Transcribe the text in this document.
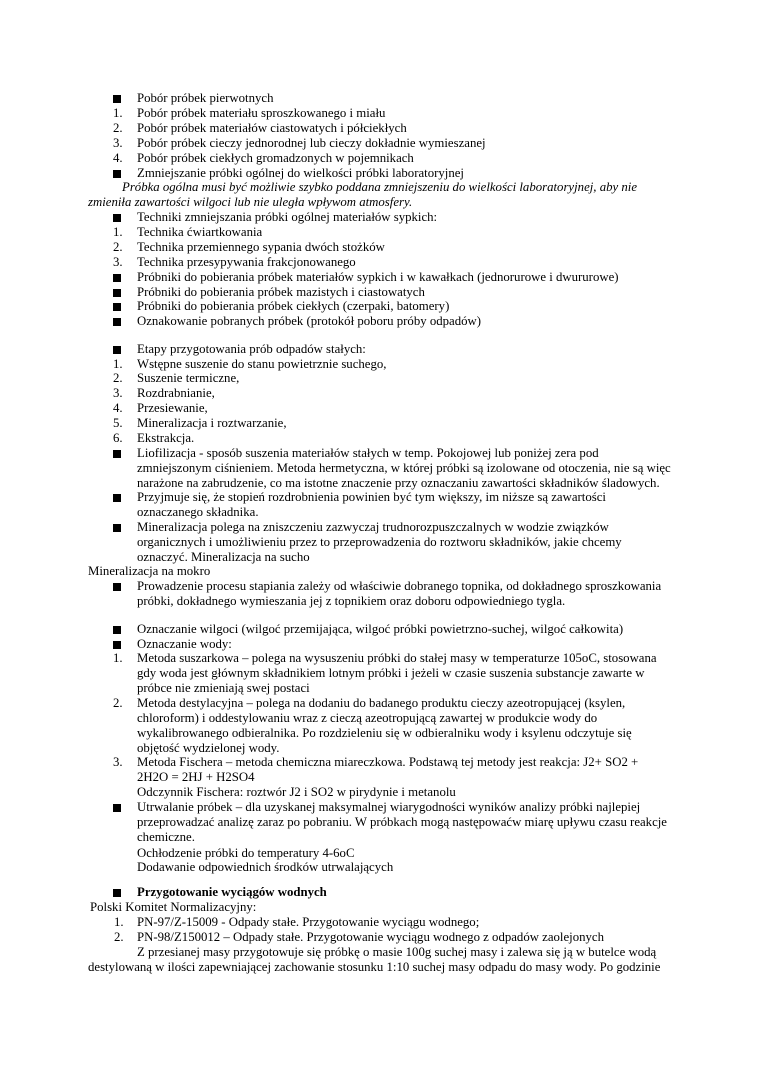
Pobór próbek pierwotnych
1. Pobór próbek materiału sproszkowanego i miału
2. Pobór próbek materiałów ciastowatych i półciekłych
3. Pobór próbek cieczy jednorodnej lub cieczy dokładnie wymieszanej
4. Pobór próbek ciekłych gromadzonych w pojemnikach
Zmniejszanie próbki ogólnej do wielkości próbki laboratoryjnej
Próbka ogólna musi być możliwie szybko poddana zmniejszeniu do wielkości laboratoryjnej, aby nie
zmieniła zawartości wilgoci lub nie uległa wpływom atmosfery.
Techniki zmniejszania próbki ogólnej materiałów sypkich:
1. Technika ćwiartkowania
2. Technika przemiennego sypania dwóch stożków
3. Technika przesypywania frakcjonowanego
Próbniki do pobierania próbek materiałów sypkich i w kawałkach (jednorurowe i dwururowe)
Próbniki do pobierania próbek mazistych i ciastowatych
Próbniki do pobierania próbek ciekłych (czerpaki, batomery)
Oznakowanie pobranych próbek (protokół poboru próby odpadów)
Etapy przygotowania prób odpadów stałych:
1. Wstępne suszenie do stanu powietrznie suchego,
2. Suszenie termiczne,
3. Rozdrabnianie,
4. Przesiewanie,
5. Mineralizacja i roztwarzanie,
6. Ekstrakcja.
Liofilizacja - sposób suszenia materiałów stałych w temp. Pokojowej lub poniżej zera pod
zmniejszonym ciśnieniem. Metoda hermetyczna, w której próbki są izolowane od otoczenia, nie są więc
narażone na zabrudzenie, co ma istotne znaczenie przy oznaczaniu zawartości składników śladowych.
Przyjmuje się, że stopień rozdrobnienia powinien być tym większy, im niższe są zawartości
oznaczanego składnika.
Mineralizacja polega na zniszczeniu zazwyczaj trudnorozpuszczalnych w wodzie związków
organicznych i umożliwieniu przez to przeprowadzenia do roztworu składników, jakie chcemy
oznaczyć. Mineralizacja na sucho
Mineralizacja na mokro
Prowadzenie procesu stapiania zależy od właściwie dobranego topnika, od dokładnego sproszkowania
próbki, dokładnego wymieszania jej z topnikiem oraz doboru odpowiedniego tygla.
Oznaczanie wilgoci (wilgoć przemijająca, wilgoć próbki powietrzno-suchej, wilgoć całkowita)
Oznaczanie wody:
1. Metoda suszarkowa – polega na wysuszeniu próbki do stałej masy w temperaturze 105oC, stosowana
gdy woda jest głównym składnikiem lotnym próbki i jeżeli w czasie suszenia substancje zawarte w
próbce nie zmieniają swej postaci
2. Metoda destylacyjna – polega na dodaniu do badanego produktu cieczy azeotropującej (ksylen,
chloroform) i oddestylowaniu wraz z cieczą azeotropującą zawartej w produkcie wody do
wykalibrowanego odbieralnika. Po rozdzieleniu się w odbieralniku wody i ksylenu odczytuje się
objętość wydzielonej wody.
3. Metoda Fischera – metoda chemiczna miareczkowa. Podstawą tej metody jest reakcja: J2+ SO2 +
2H2O = 2HJ + H2SO4
Odczynnik Fischera: roztwór J2 i SO2 w pirydynie i metanolu
Utrwalanie próbek – dla uzyskanej maksymalnej wiarygodności wyników analizy próbki najlepiej
przeprowadzać analizę zaraz po pobraniu. W próbkach mogą następowaćw miarę upływu czasu reakcje
chemiczne.
Ochłodzenie próbki do temperatury 4-6oC
Dodawanie odpowiednich środków utrwalających
Przygotowanie wyciągów wodnych
Polski Komitet Normalizacyjny:
1. PN-97/Z-15009 - Odpady stałe. Przygotowanie wyciągu wodnego;
2. PN-98/Z150012 – Odpady stałe. Przygotowanie wyciągu wodnego z odpadów zaolejonych
Z przesianej masy przygotowuje się próbkę o masie 100g suchej masy i zalewa się ją w butelce wodą
destylowaną w ilości zapewniającej zachowanie stosunku 1:10 suchej masy odpadu do masy wody. Po godzinie
